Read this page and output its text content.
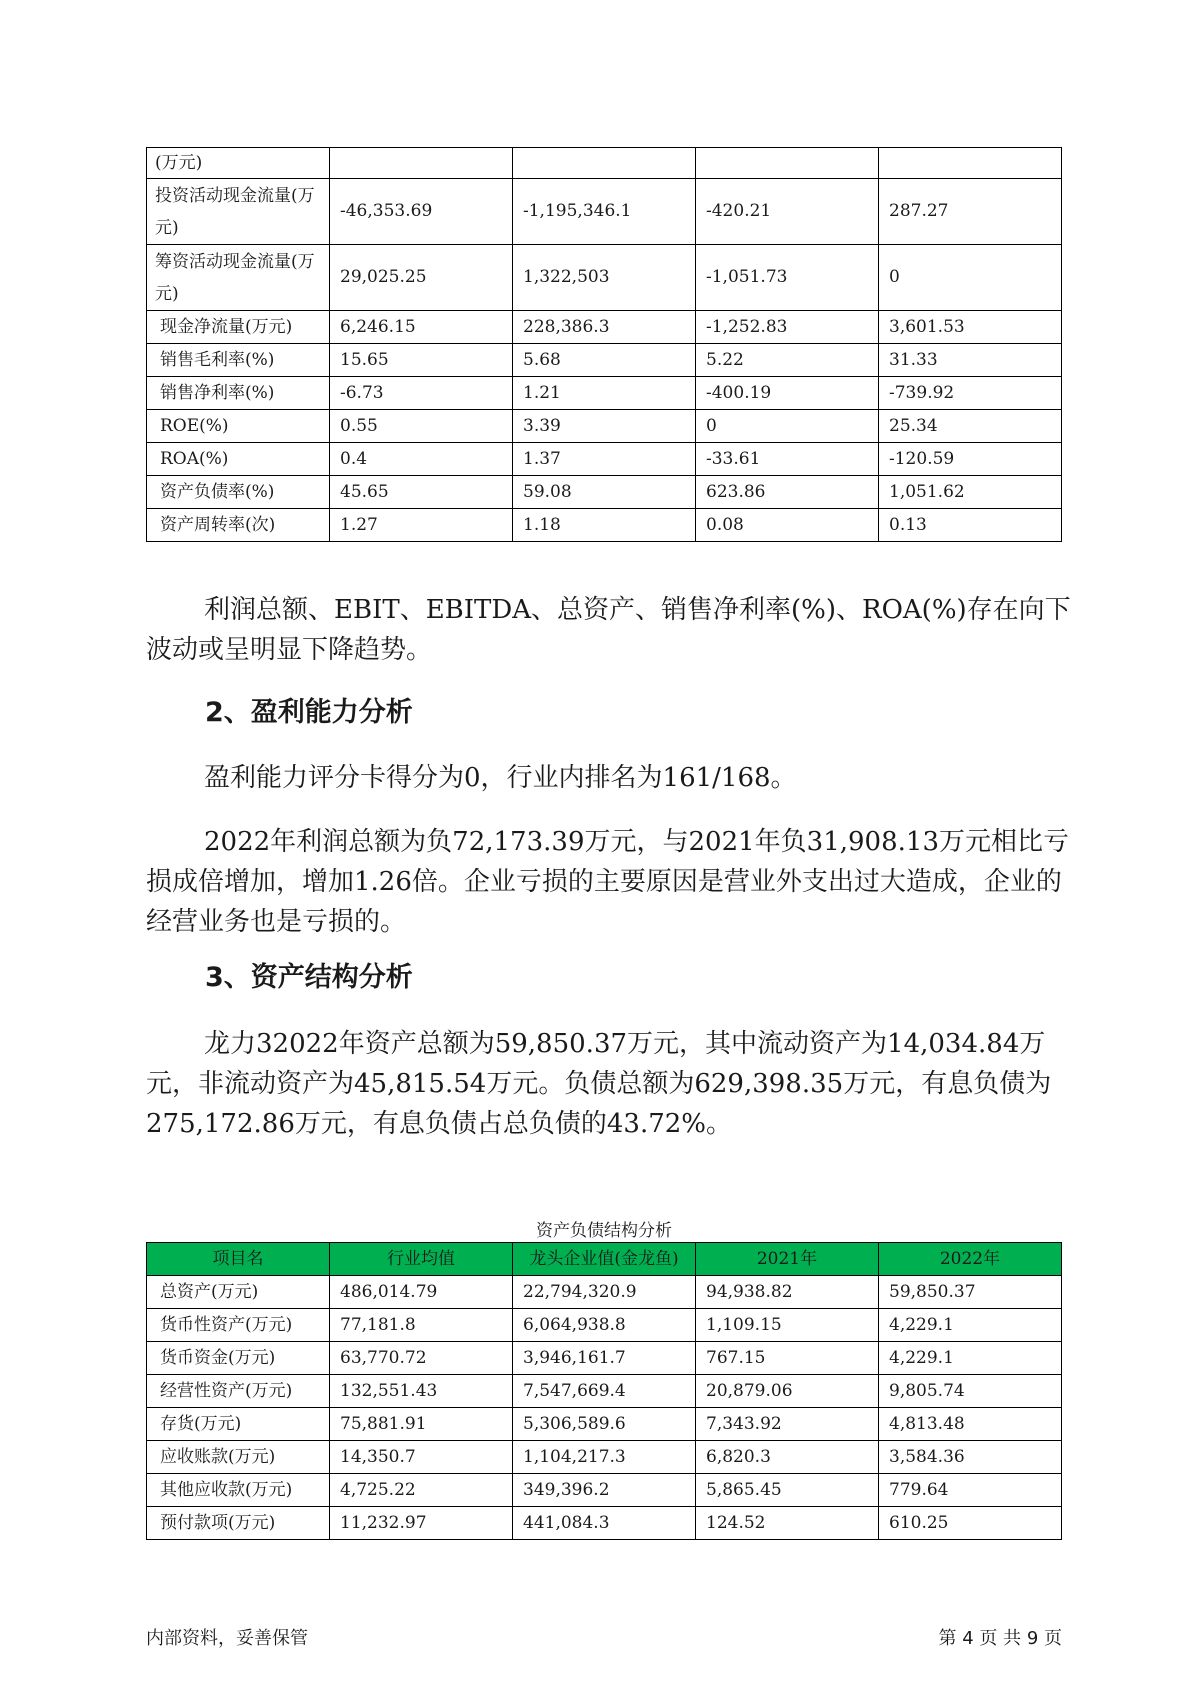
(万元)				
投资活动现金流量(万元)	-46,353.69	-1,195,346.1	-420.21	287.27
筹资活动现金流量(万元)	29,025.25	1,322,503	-1,051.73	0
现金净流量(万元)	6,246.15	228,386.3	-1,252.83	3,601.53
销售毛利率(%)	15.65	5.68	5.22	31.33
销售净利率(%)	-6.73	1.21	-400.19	-739.92
ROE(%)	0.55	3.39	0	25.34
ROA(%)	0.4	1.37	-33.61	-120.59
资产负债率(%)	45.65	59.08	623.86	1,051.62
资产周转率(次)	1.27	1.18	0.08	0.13

利润总额、EBIT、EBITDA、总资产、销售净利率(%)、ROA(%)存在向下波动或呈明显下降趋势。

2、盈利能力分析

盈利能力评分卡得分为0，行业内排名为161/168。

2022年利润总额为负72,173.39万元，与2021年负31,908.13万元相比亏损成倍增加，增加1.26倍。企业亏损的主要原因是营业外支出过大造成，企业的经营业务也是亏损的。

3、资产结构分析

龙力32022年资产总额为59,850.37万元，其中流动资产为14,034.84万元，非流动资产为45,815.54万元。负债总额为629,398.35万元，有息负债为275,172.86万元，有息负债占总负债的43.72%。

资产负债结构分析

项目名	行业均值	龙头企业值(金龙鱼)	2021年	2022年
总资产(万元)	486,014.79	22,794,320.9	94,938.82	59,850.37
货币性资产(万元)	77,181.8	6,064,938.8	1,109.15	4,229.1
货币资金(万元)	63,770.72	3,946,161.7	767.15	4,229.1
经营性资产(万元)	132,551.43	7,547,669.4	20,879.06	9,805.74
存货(万元)	75,881.91	5,306,589.6	7,343.92	4,813.48
应收账款(万元)	14,350.7	1,104,217.3	6,820.3	3,584.36
其他应收款(万元)	4,725.22	349,396.2	5,865.45	779.64
预付款项(万元)	11,232.97	441,084.3	124.52	610.25

内部资料，妥善保管	第 4 页 共 9 页
